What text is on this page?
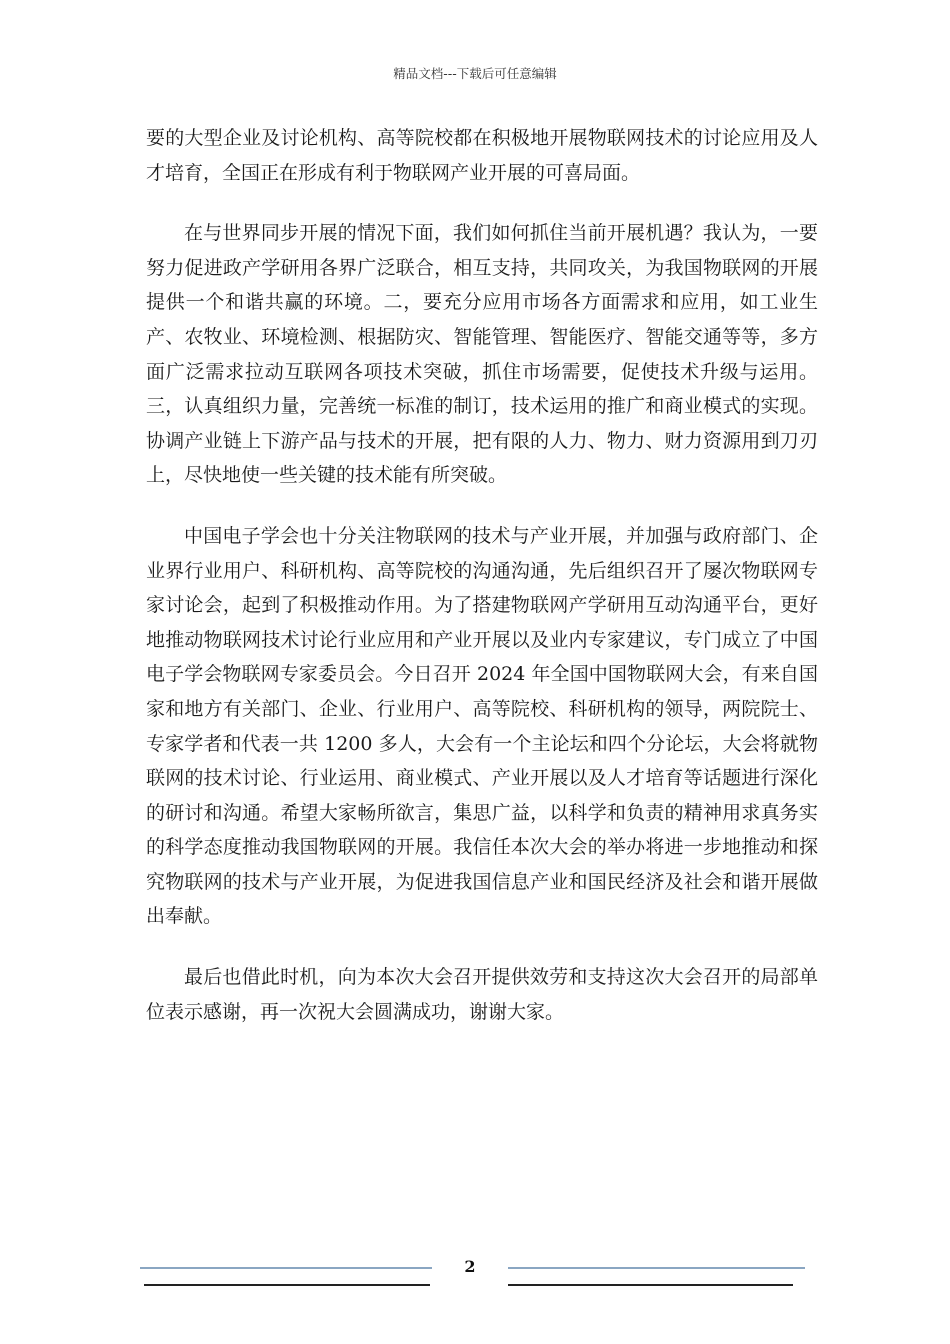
精品文档---下载后可任意编辑

要的大型企业及讨论机构、高等院校都在积极地开展物联网技术的讨论应用及人才培育，全国正在形成有利于物联网产业开展的可喜局面。

在与世界同步开展的情况下面，我们如何抓住当前开展机遇？我认为，一要努力促进政产学研用各界广泛联合，相互支持，共同攻关，为我国物联网的开展提供一个和谐共赢的环境。二，要充分应用市场各方面需求和应用，如工业生产、农牧业、环境检测、根据防灾、智能管理、智能医疗、智能交通等等，多方面广泛需求拉动互联网各项技术突破，抓住市场需要，促使技术升级与运用。三，认真组织力量，完善统一标准的制订，技术运用的推广和商业模式的实现。协调产业链上下游产品与技术的开展，把有限的人力、物力、财力资源用到刀刃上，尽快地使一些关键的技术能有所突破。

中国电子学会也十分关注物联网的技术与产业开展，并加强与政府部门、企业界行业用户、科研机构、高等院校的沟通沟通，先后组织召开了屡次物联网专家讨论会，起到了积极推动作用。为了搭建物联网产学研用互动沟通平台，更好地推动物联网技术讨论行业应用和产业开展以及业内专家建议，专门成立了中国电子学会物联网专家委员会。今日召开 2024 年全国中国物联网大会，有来自国家和地方有关部门、企业、行业用户、高等院校、科研机构的领导，两院院士、专家学者和代表一共 1200 多人，大会有一个主论坛和四个分论坛，大会将就物联网的技术讨论、行业运用、商业模式、产业开展以及人才培育等话题进行深化的研讨和沟通。希望大家畅所欲言，集思广益，以科学和负责的精神用求真务实的科学态度推动我国物联网的开展。我信任本次大会的举办将进一步地推动和探究物联网的技术与产业开展，为促进我国信息产业和国民经济及社会和谐开展做出奉献。

最后也借此时机，向为本次大会召开提供效劳和支持这次大会召开的局部单位表示感谢，再一次祝大会圆满成功，谢谢大家。

2
